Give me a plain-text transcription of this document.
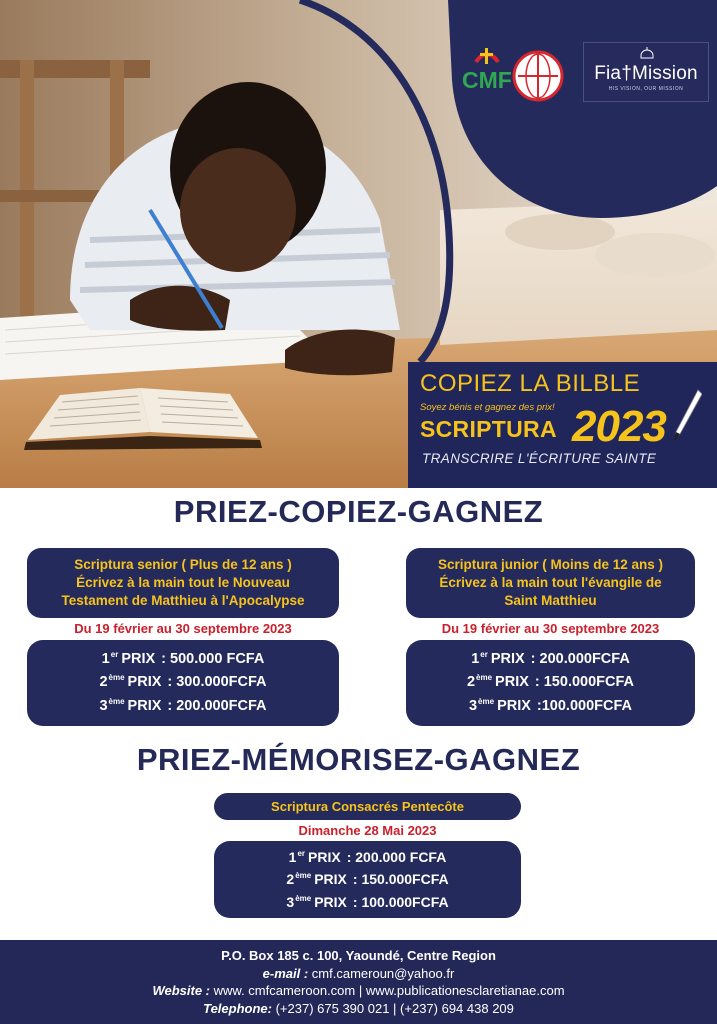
CMF	Fia†Mission
HIS VISION, OUR MISSION
COPIEZ LA BILBLE
Soyez bénis et gagnez des prix!
SCRIPTURA 2023
TRANSCRIRE L'ÉCRITURE SAINTE
PRIEZ-COPIEZ-GAGNEZ
Scriptura senior ( Plus de 12 ans )
Écrivez à la main tout le Nouveau
Testament de Matthieu à l'Apocalypse
Du 19 février au 30 septembre 2023
1er PRIX : 500.000 FCFA
2ème PRIX : 300.000FCFA
3ème PRIX : 200.000FCFA
Scriptura junior ( Moins de 12 ans )
Écrivez à la main tout l'évangile de
Saint Matthieu
Du 19 février au 30 septembre 2023
1er PRIX : 200.000FCFA
2ème PRIX : 150.000FCFA
3ème PRIX :100.000FCFA
PRIEZ-MÉMORISEZ-GAGNEZ
Scriptura Consacrés Pentecôte
Dimanche 28 Mai 2023
1er PRIX : 200.000 FCFA
2ème PRIX : 150.000FCFA
3ème PRIX : 100.000FCFA
P.O. Box 185 c. 100, Yaoundé, Centre Region
e-mail : cmf.cameroun@yahoo.fr
Website : www. cmfcameroon.com | www.publicationesclaretianae.com
Telephone: (+237) 675 390 021 | (+237) 694 438 209
